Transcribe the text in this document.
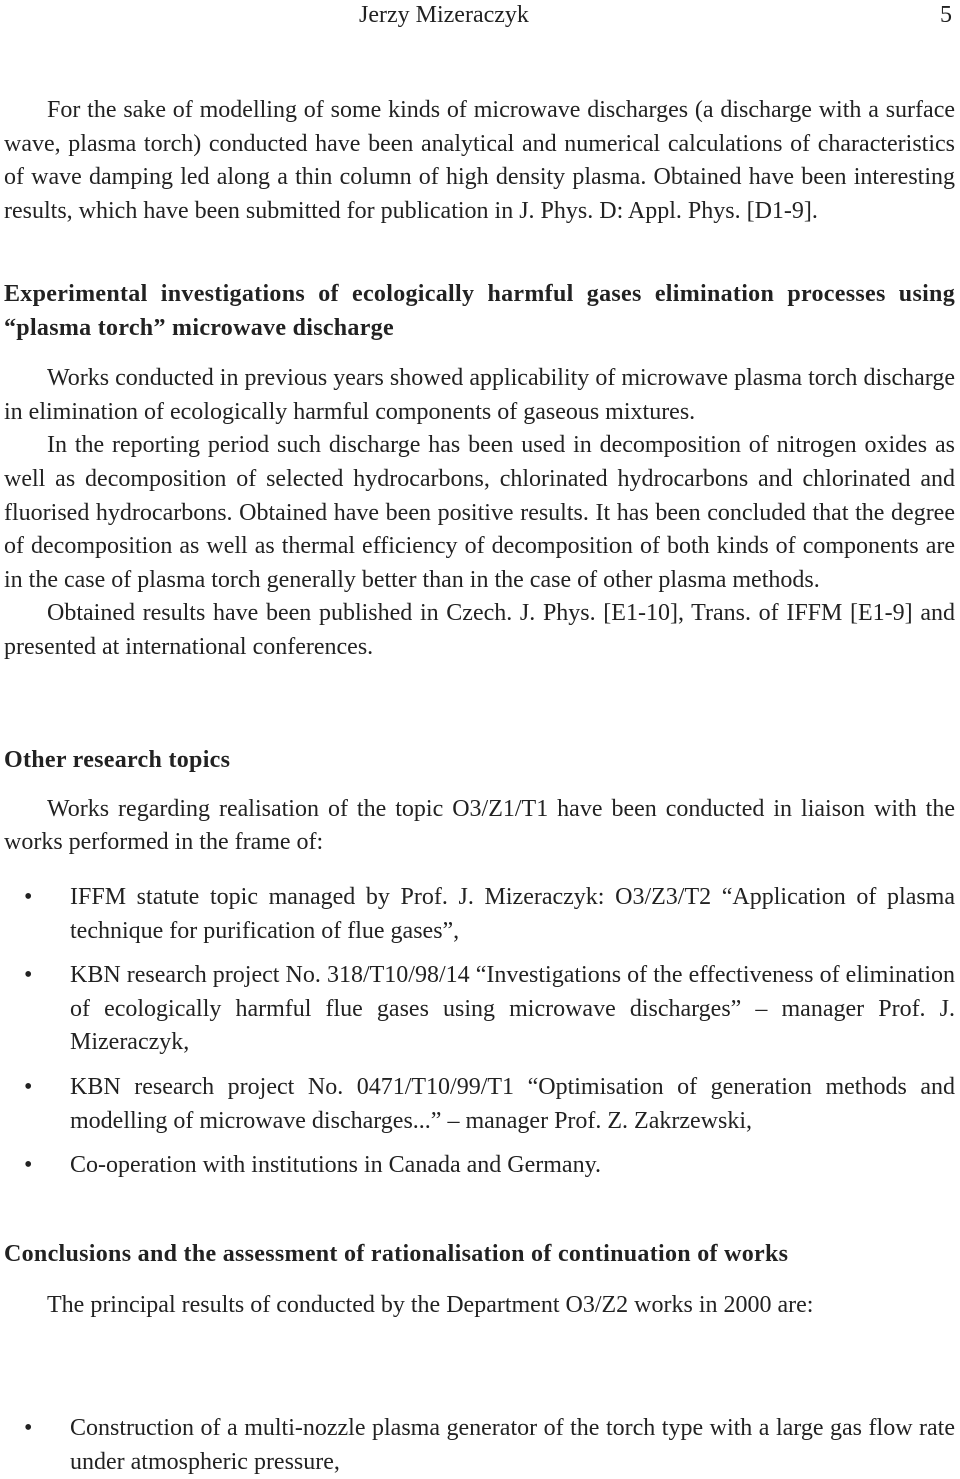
Jerzy Mizeraczyk	5

For the sake of modelling of some kinds of microwave discharges (a discharge with a surface wave, plasma torch) conducted have been analytical and numerical calculations of characteristics of wave damping led along a thin column of high density plasma. Obtained have been interesting results, which have been submitted for publication in J. Phys. D: Appl. Phys. [D1-9].

Experimental investigations of ecologically harmful gases elimination processes using “plasma torch” microwave discharge

Works conducted in previous years showed applicability of microwave plasma torch discharge in elimination of ecologically harmful components of gaseous mixtures.

In the reporting period such discharge has been used in decomposition of nitrogen oxides as well as decomposition of selected hydrocarbons, chlorinated hydrocarbons and chlorinated and fluorised hydrocarbons. Obtained have been positive results. It has been concluded that the degree of decomposition as well as thermal efficiency of decomposition of both kinds of components are in the case of plasma torch generally better than in the case of other plasma methods.

Obtained results have been published in Czech. J. Phys. [E1-10], Trans. of IFFM [E1-9] and presented at international conferences.

Other research topics

Works regarding realisation of the topic O3/Z1/T1 have been conducted in liaison with the works performed in the frame of:

• IFFM statute topic managed by Prof. J. Mizeraczyk: O3/Z3/T2 “Application of plasma technique for purification of flue gases”,

• KBN research project No. 318/T10/98/14 “Investigations of the effectiveness of elimination of ecologically harmful flue gases using microwave discharges” – manager Prof. J. Mizeraczyk,

• KBN research project No. 0471/T10/99/T1 “Optimisation of generation methods and modelling of microwave discharges...” – manager Prof. Z. Zakrzewski,

• Co-operation with institutions in Canada and Germany.

Conclusions and the assessment of rationalisation of continuation of works

The principal results of conducted by the Department O3/Z2 works in 2000 are:

• Construction of a multi-nozzle plasma generator of the torch type with a large gas flow rate under atmospheric pressure,
